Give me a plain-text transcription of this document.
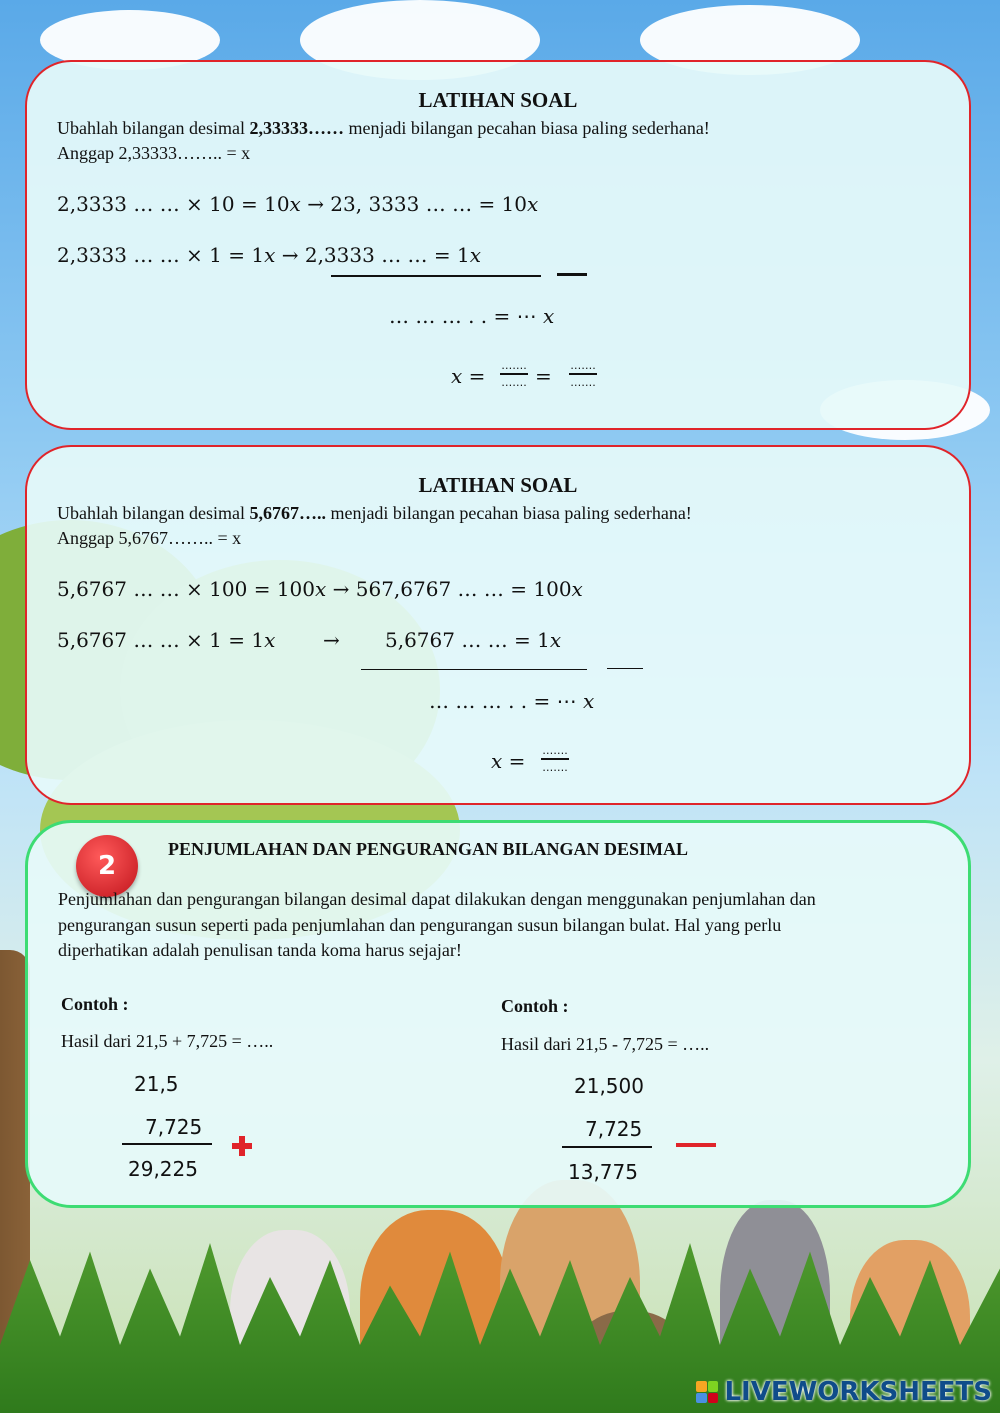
LATIHAN SOAL
Ubahlah bilangan desimal 2,33333…… menjadi bilangan pecahan biasa paling sederhana!
Anggap 2,33333…….. = x
2,3333 … … × 10 = 10x → 23, 3333 … … = 10x
2,3333 … … × 1 = 1x → 2,3333 … … = 1x
… … … . . = ⋯ x
x = …….
……. = …….
…….
LATIHAN SOAL
Ubahlah bilangan desimal 5,6767….. menjadi bilangan pecahan biasa paling sederhana!
Anggap 5,6767…….. = x
5,6767 … … × 100 = 100x → 567,6767 … … = 100x
5,6767 … … × 1 = 1x → 5,6767 … … = 1x
… … … . . = ⋯ x
x = …….
…….
2
PENJUMLAHAN DAN PENGURANGAN BILANGAN DESIMAL
Penjumlahan dan pengurangan bilangan desimal dapat dilakukan dengan menggunakan penjumlahan dan
pengurangan susun seperti pada penjumlahan dan pengurangan susun bilangan bulat. Hal yang perlu
diperhatikan adalah penulisan tanda koma harus sejajar!
Contoh :
Hasil dari 21,5 + 7,725 = …..
21,5
7,725
29,225
Contoh :
Hasil dari 21,5 - 7,725 = …..
21,500
7,725
13,775
LIVEWORKSHEETS
